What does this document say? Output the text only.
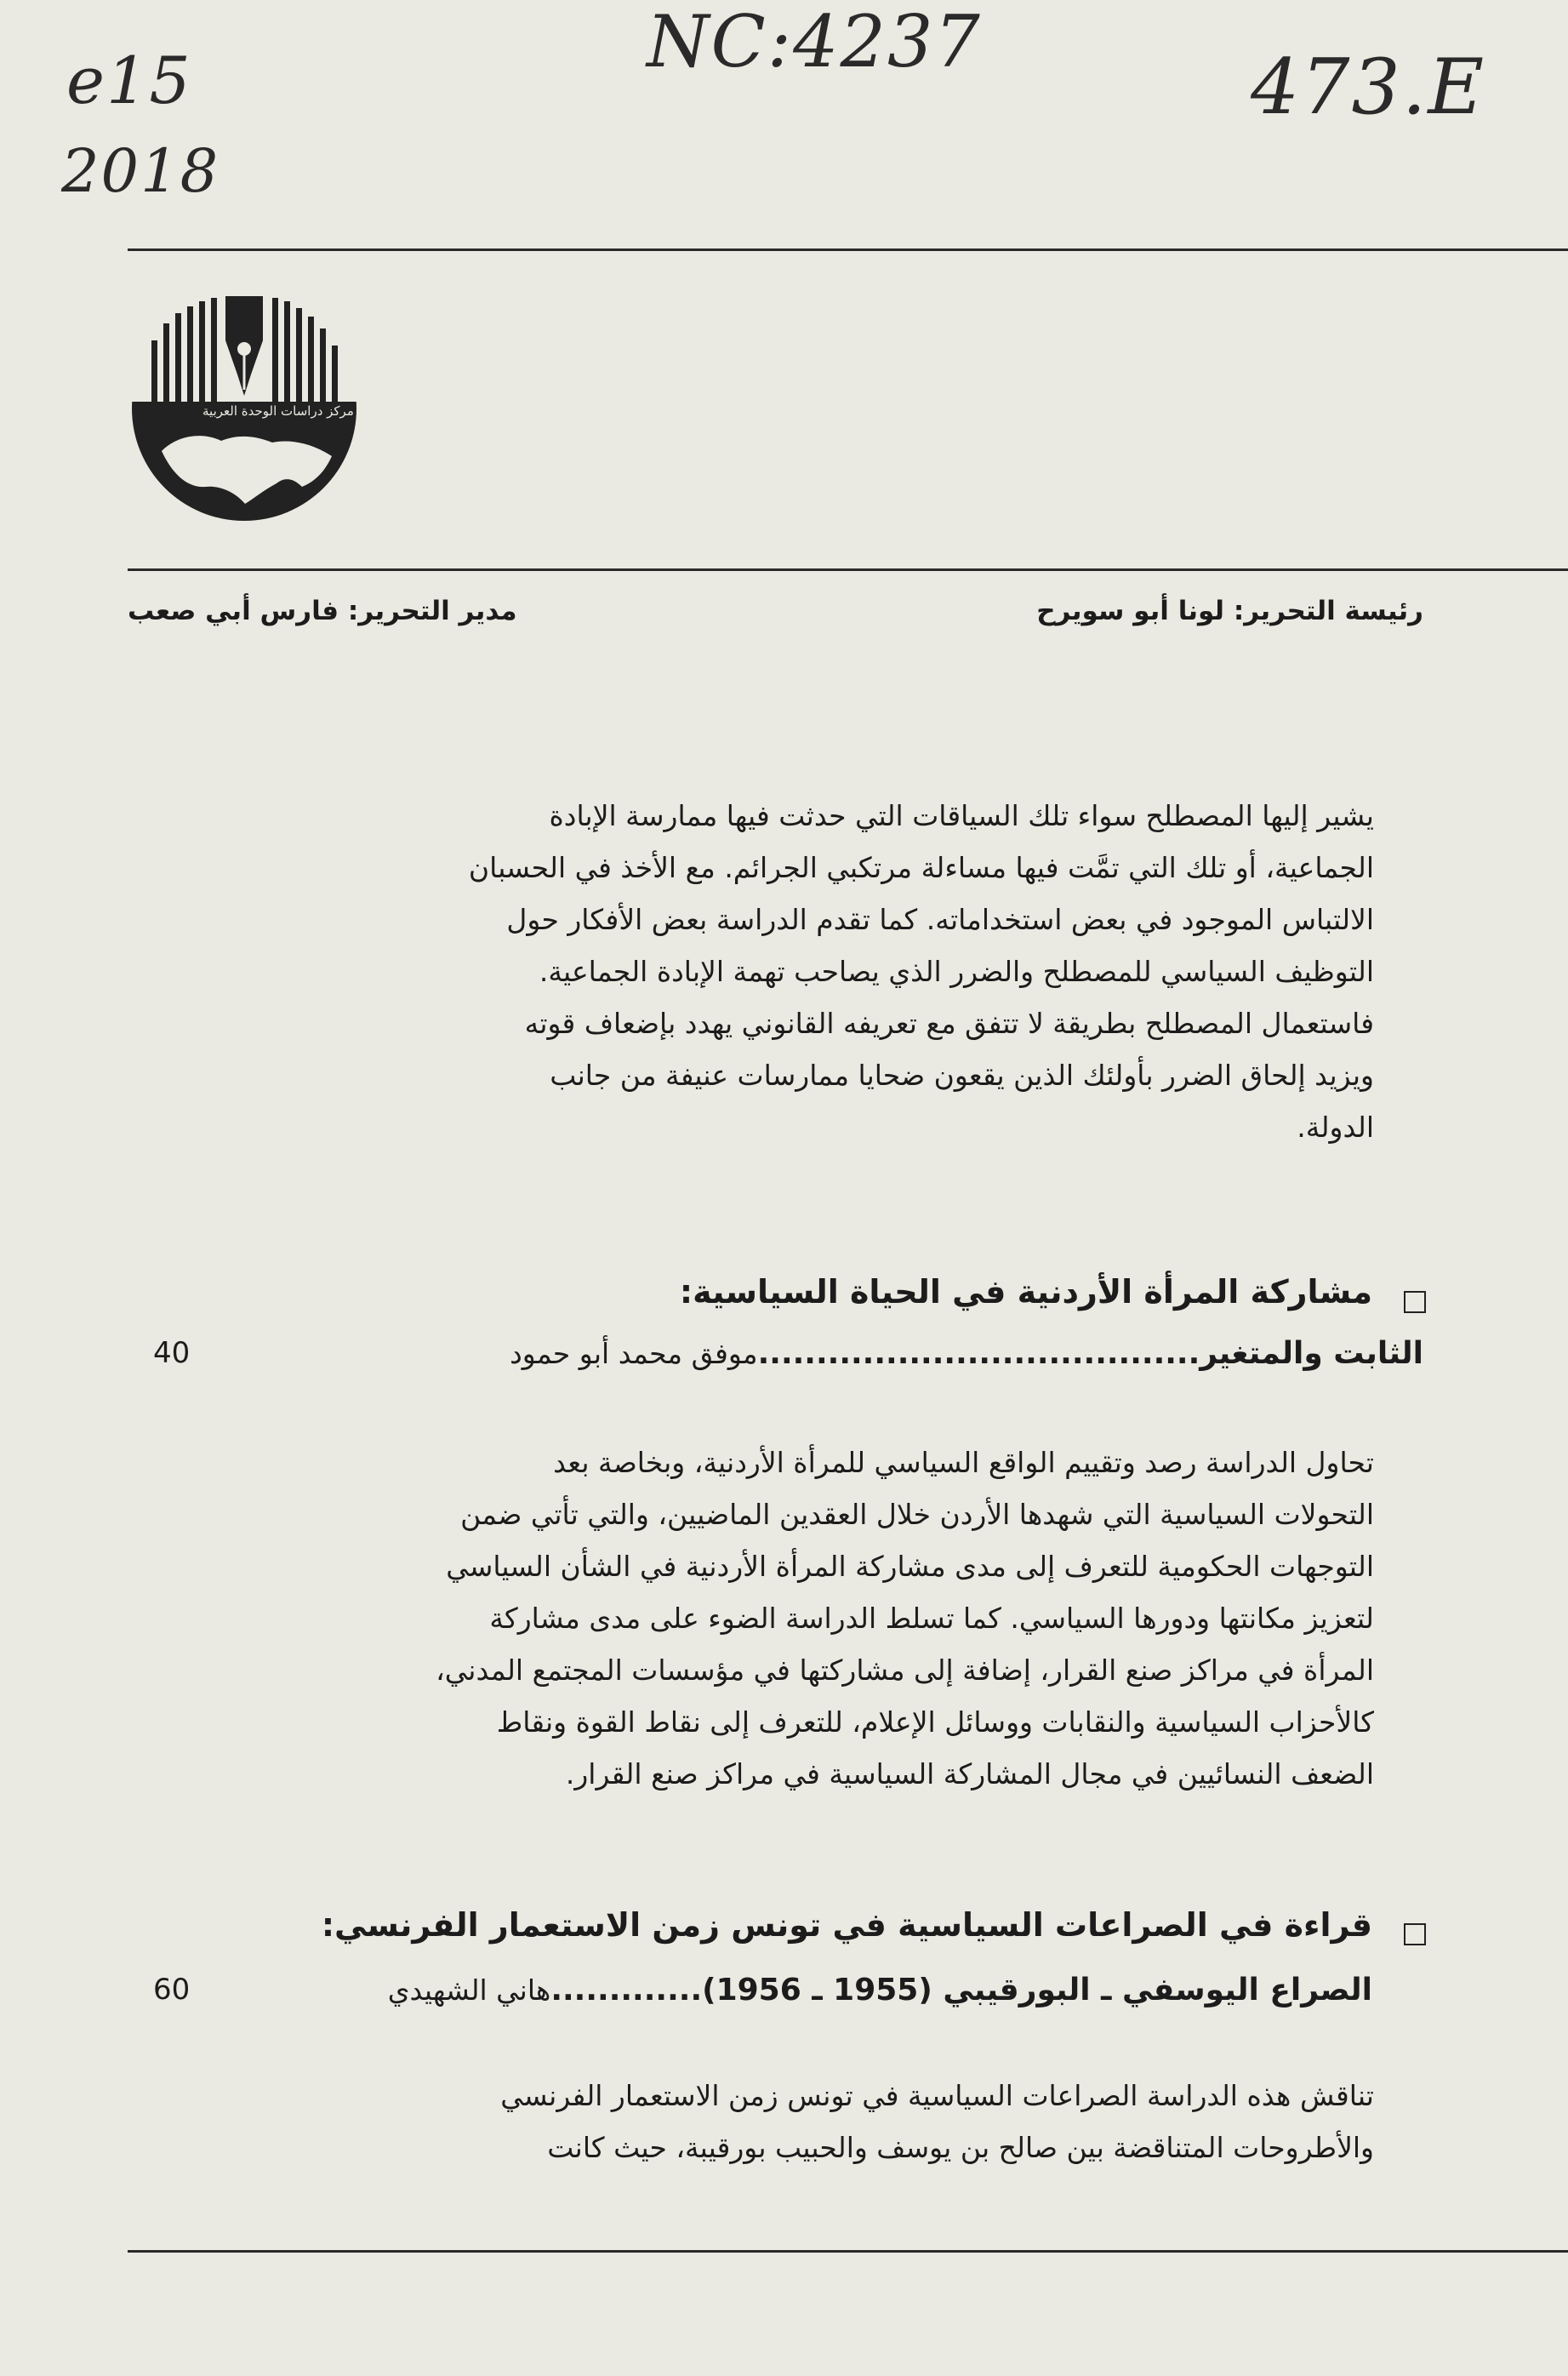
e15
2018
NC:4237
473.E
مركز دراسات الوحدة العربية
رئيسة التحرير: لونا أبو سويرح
مدير التحرير: فارس أبي صعب
يشير إليها المصطلح سواء تلك السياقات التي حدثت فيها ممارسة الإبادة
الجماعية، أو تلك التي تمَّت فيها مساءلة مرتكبي الجرائم. مع الأخذ في الحسبان
الالتباس الموجود في بعض استخداماته. كما تقدم الدراسة بعض الأفكار حول
التوظيف السياسي للمصطلح والضرر الذي يصاحب تهمة الإبادة الجماعية.
فاستعمال المصطلح بطريقة لا تتفق مع تعريفه القانوني يهدد بإضعاف قوته
ويزيد إلحاق الضرر بأولئك الذين يقعون ضحايا ممارسات عنيفة من جانب
الدولة.
مشاركة المرأة الأردنية في الحياة السياسية:
الثابت والمتغير......................................موفق محمد أبو حمود
40
تحاول الدراسة رصد وتقييم الواقع السياسي للمرأة الأردنية، وبخاصة بعد
التحولات السياسية التي شهدها الأردن خلال العقدين الماضيين، والتي تأتي ضمن
التوجهات الحكومية للتعرف إلى مدى مشاركة المرأة الأردنية في الشأن السياسي
لتعزيز مكانتها ودورها السياسي. كما تسلط الدراسة الضوء على مدى مشاركة
المرأة في مراكز صنع القرار، إضافة إلى مشاركتها في مؤسسات المجتمع المدني،
كالأحزاب السياسية والنقابات ووسائل الإعلام، للتعرف إلى نقاط القوة ونقاط
الضعف النسائيين في مجال المشاركة السياسية في مراكز صنع القرار.
قراءة في الصراعات السياسية في تونس زمن الاستعمار الفرنسي:
الصراع اليوسفي ـ البورقيبي (1955 ـ 1956).............هاني الشهيدي
60
تناقش هذه الدراسة الصراعات السياسية في تونس زمن الاستعمار الفرنسي
والأطروحات المتناقضة بين صالح بن يوسف والحبيب بورقيبة، حيث كانت
